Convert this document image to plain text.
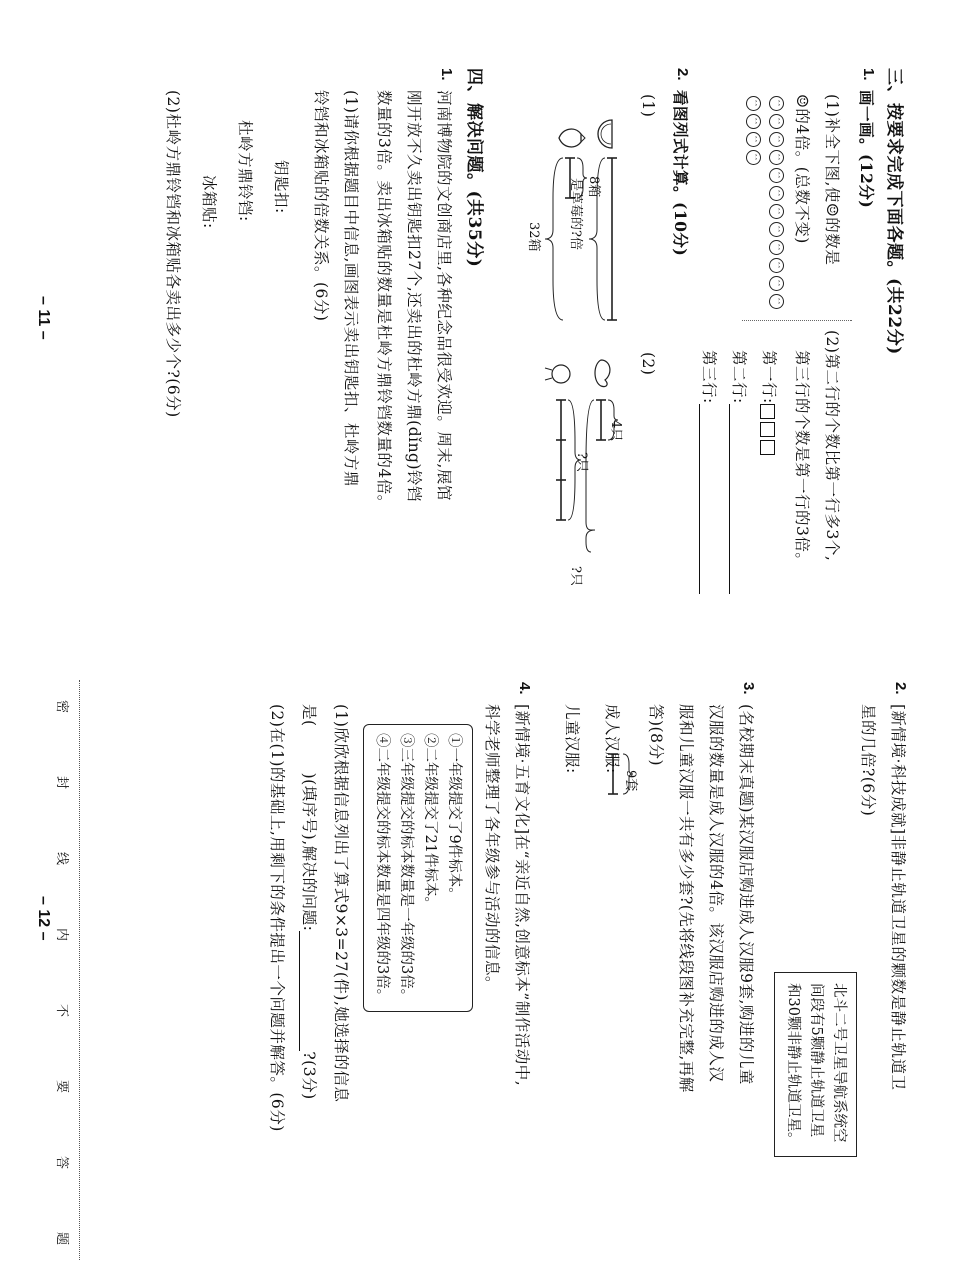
三、按要求完成下面各题。(共22分)
1.
画一画。(12分)
(1)补全下图,使☺的数是
☺的4倍。(总数不变)
ˆˆˆˆˆˆˆˆˆˆˆˆˆˆˆˆˆˆˆˆˆˆˆˆ
ˆˆˆˆˆˆˆˆ
(2)第二行的个数比第一行多3个,
第三行的个数是第一行的3倍。
第一行:
第二行:
第三行:
2.
看图列式计算。(10分)
(1)
8箱
是草莓的?倍
32箱
(2)
4只
?只
?只
四、解决问题。(共35分)
1.
河南博物院的文创商店里,各种纪念品很受欢迎。周末,展馆
刚开放不久卖出钥匙扣27个,还卖出的杜岭方鼎(dǐng)铃铛
数量的3倍。卖出冰箱贴的数量是杜岭方鼎铃铛数量的4倍。
(1)请你根据题目中信息,画图表示卖出钥匙扣、杜岭方鼎
铃铛和冰箱贴的倍数关系。(6分)
钥匙扣:
杜岭方鼎铃铛:
冰箱贴:
(2)杜岭方鼎铃铛和冰箱贴各卖出多少个?(6分)
– 11 –
2.
[新情境·科技成就]非静止轨道卫星的颗数是静止轨道卫
星的几倍?(6分)
北斗二号卫星导航系统空
间段有5颗静止轨道卫星
和30颗非静止轨道卫星。
3.
(名校期末真题)某汉服店购进成人汉服9套,购进的儿童
汉服的数量是成人汉服的4倍。该汉服店购进的成人汉
服和儿童汉服一共有多少套?(先将线段图补充完整,再解
答)(8分)
9套
成人汉服:
儿童汉服:
4.
[新情境·五育文化]在“亲近自然,创意标本”制作活动中,
科学老师整理了各年级参与活动的信息。
①一年级提交了9件标本。
②二年级提交了21件标本。
③三年级提交的标本数量是一年级的3倍。
④二年级提交的标本数量是四年级的3倍。
(1)欣欣根据信息列出了算式9×3=27(件),她选择的信息
是()(填序号),解决的问题: ?(3分)
(2)在(1)的基础上,用剩下的条件提出一个问题并解答。(6分)
– 12 –
密
封
线
内
不
要
答
题
